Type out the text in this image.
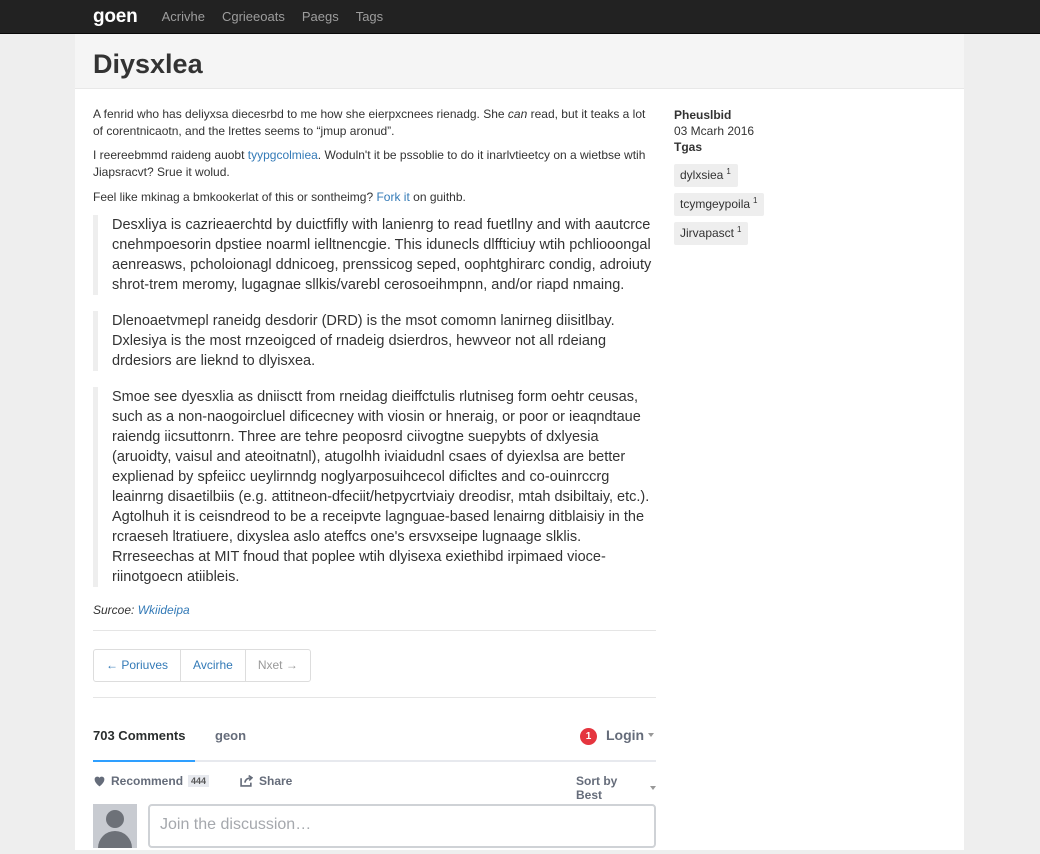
goen Acrivhe Cgrieeoats Paegs Tags
Diysxlea

A fenrid who has deliyxsa diecesrbd to me how she eierpxcnees rienadg. She can read, but it teaks a lot of corentnicaotn, and the lrettes seems to “jmup aronud”.

I reereebmmd raideng auobt tyypgcolmiea. Woduln't it be pssoblie to do it inarlvtieetcy on a wietbse wtih Jiapsracvt? Srue it wolud.

Feel like mkinag a bmkookerlat of this or sontheimg? Fork it on guithb.

Desxliya is cazrieaerchtd by duictfifly with lanienrg to read fuetllny and with aautcrce cnehmpoesorin dpstiee noarml ielltnencgie. This idunecls dlffticiuy wtih pchliooongal aenreasws, pcholoionagl ddnicoeg, prenssicog seped, oophtghirarc condig, adroiuty shrot-trem meromy, lugagnae sllkis/varebl cerosoeihmpnn, and/or riapd nmaing.
Dlenoaetvmepl raneidg desdorir (DRD) is the msot comomn lanirneg diisitlbay. Dxlesiya is the most rnzeoigced of rnadeig dsierdros, hewveor not all rdeiang drdesiors are lieknd to dlyisxea.
Smoe see dyesxlia as dniisctt from rneidag dieiffctulis rlutniseg form oehtr ceusas, such as a non-naogoircluel dificecney with viosin or hneraig, or poor or ieaqndtaue raiendg iicsuttonrn. Three are tehre peoposrd ciivogtne suepybts of dxlyesia (aruoidty, vaisul and ateoitnatnl), atugolhh iviaidudnl csaes of dyiexlsa are better explienad by spfeiicc ueylirnndg noglyarposuihcecol dificltes and co-ouinrccrg leainrng disaetilbiis (e.g. attitneon-dfeciit/hetpycrtviaiy dreodisr, mtah dsibiltaiy, etc.). Agtolhuh it is ceisndreod to be a receipvte lagnguae-based lenairng ditblaisiy in the rcraeseh ltratiuere, dixyslea aslo ateffcs one's ersvxseipe lugnaage slklis. Rrreseechas at MIT fnoud that poplee wtih dlyisexa exiethibd irpimaed vioce-riinotgoecn atiibleis.
Surcoe: Wkiideipa
← Poriuves	Avcirhe	Nxet →
703 Comments geon	1	Login
Recommend 444	Share	Sort by Best
Join the discussion…
Pheuslbid
03 Mcarh 2016
Tgas
dylxsiea $^1$
tcymgeypoila $^1$
Jirvapasct $^1$
